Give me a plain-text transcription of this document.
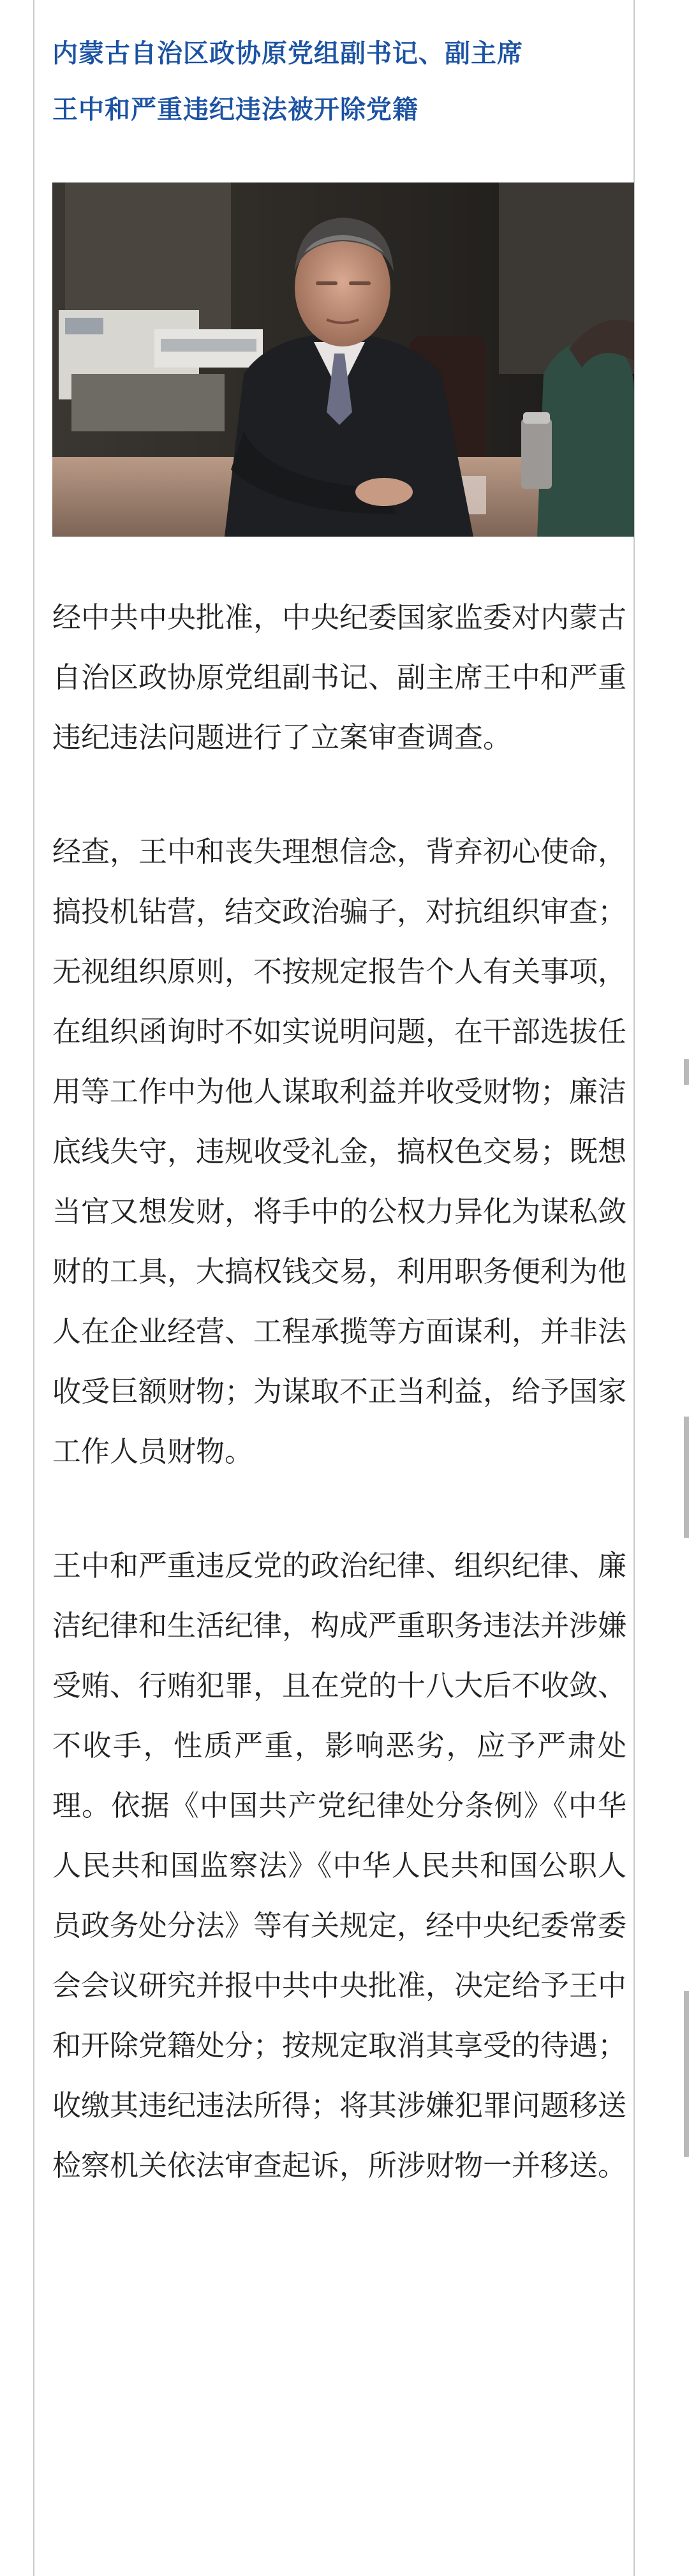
内蒙古自治区政协原党组副书记、副主席
王中和严重违纪违法被开除党籍

经中共中央批准，中央纪委国家监委对内蒙古自治区政协原党组副书记、副主席王中和严重违纪违法问题进行了立案审查调查。

经查，王中和丧失理想信念，背弃初心使命，搞投机钻营，结交政治骗子，对抗组织审查；无视组织原则，不按规定报告个人有关事项，在组织函询时不如实说明问题，在干部选拔任用等工作中为他人谋取利益并收受财物；廉洁底线失守，违规收受礼金，搞权色交易；既想当官又想发财，将手中的公权力异化为谋私敛财的工具，大搞权钱交易，利用职务便利为他人在企业经营、工程承揽等方面谋利，并非法收受巨额财物；为谋取不正当利益，给予国家工作人员财物。

王中和严重违反党的政治纪律、组织纪律、廉洁纪律和生活纪律，构成严重职务违法并涉嫌受贿、行贿犯罪，且在党的十八大后不收敛、不收手，性质严重，影响恶劣，应予严肃处理。依据《中国共产党纪律处分条例》《中华人民共和国监察法》《中华人民共和国公职人员政务处分法》等有关规定，经中央纪委常委会会议研究并报中共中央批准，决定给予王中和开除党籍处分；按规定取消其享受的待遇；收缴其违纪违法所得；将其涉嫌犯罪问题移送检察机关依法审查起诉，所涉财物一并移送。
